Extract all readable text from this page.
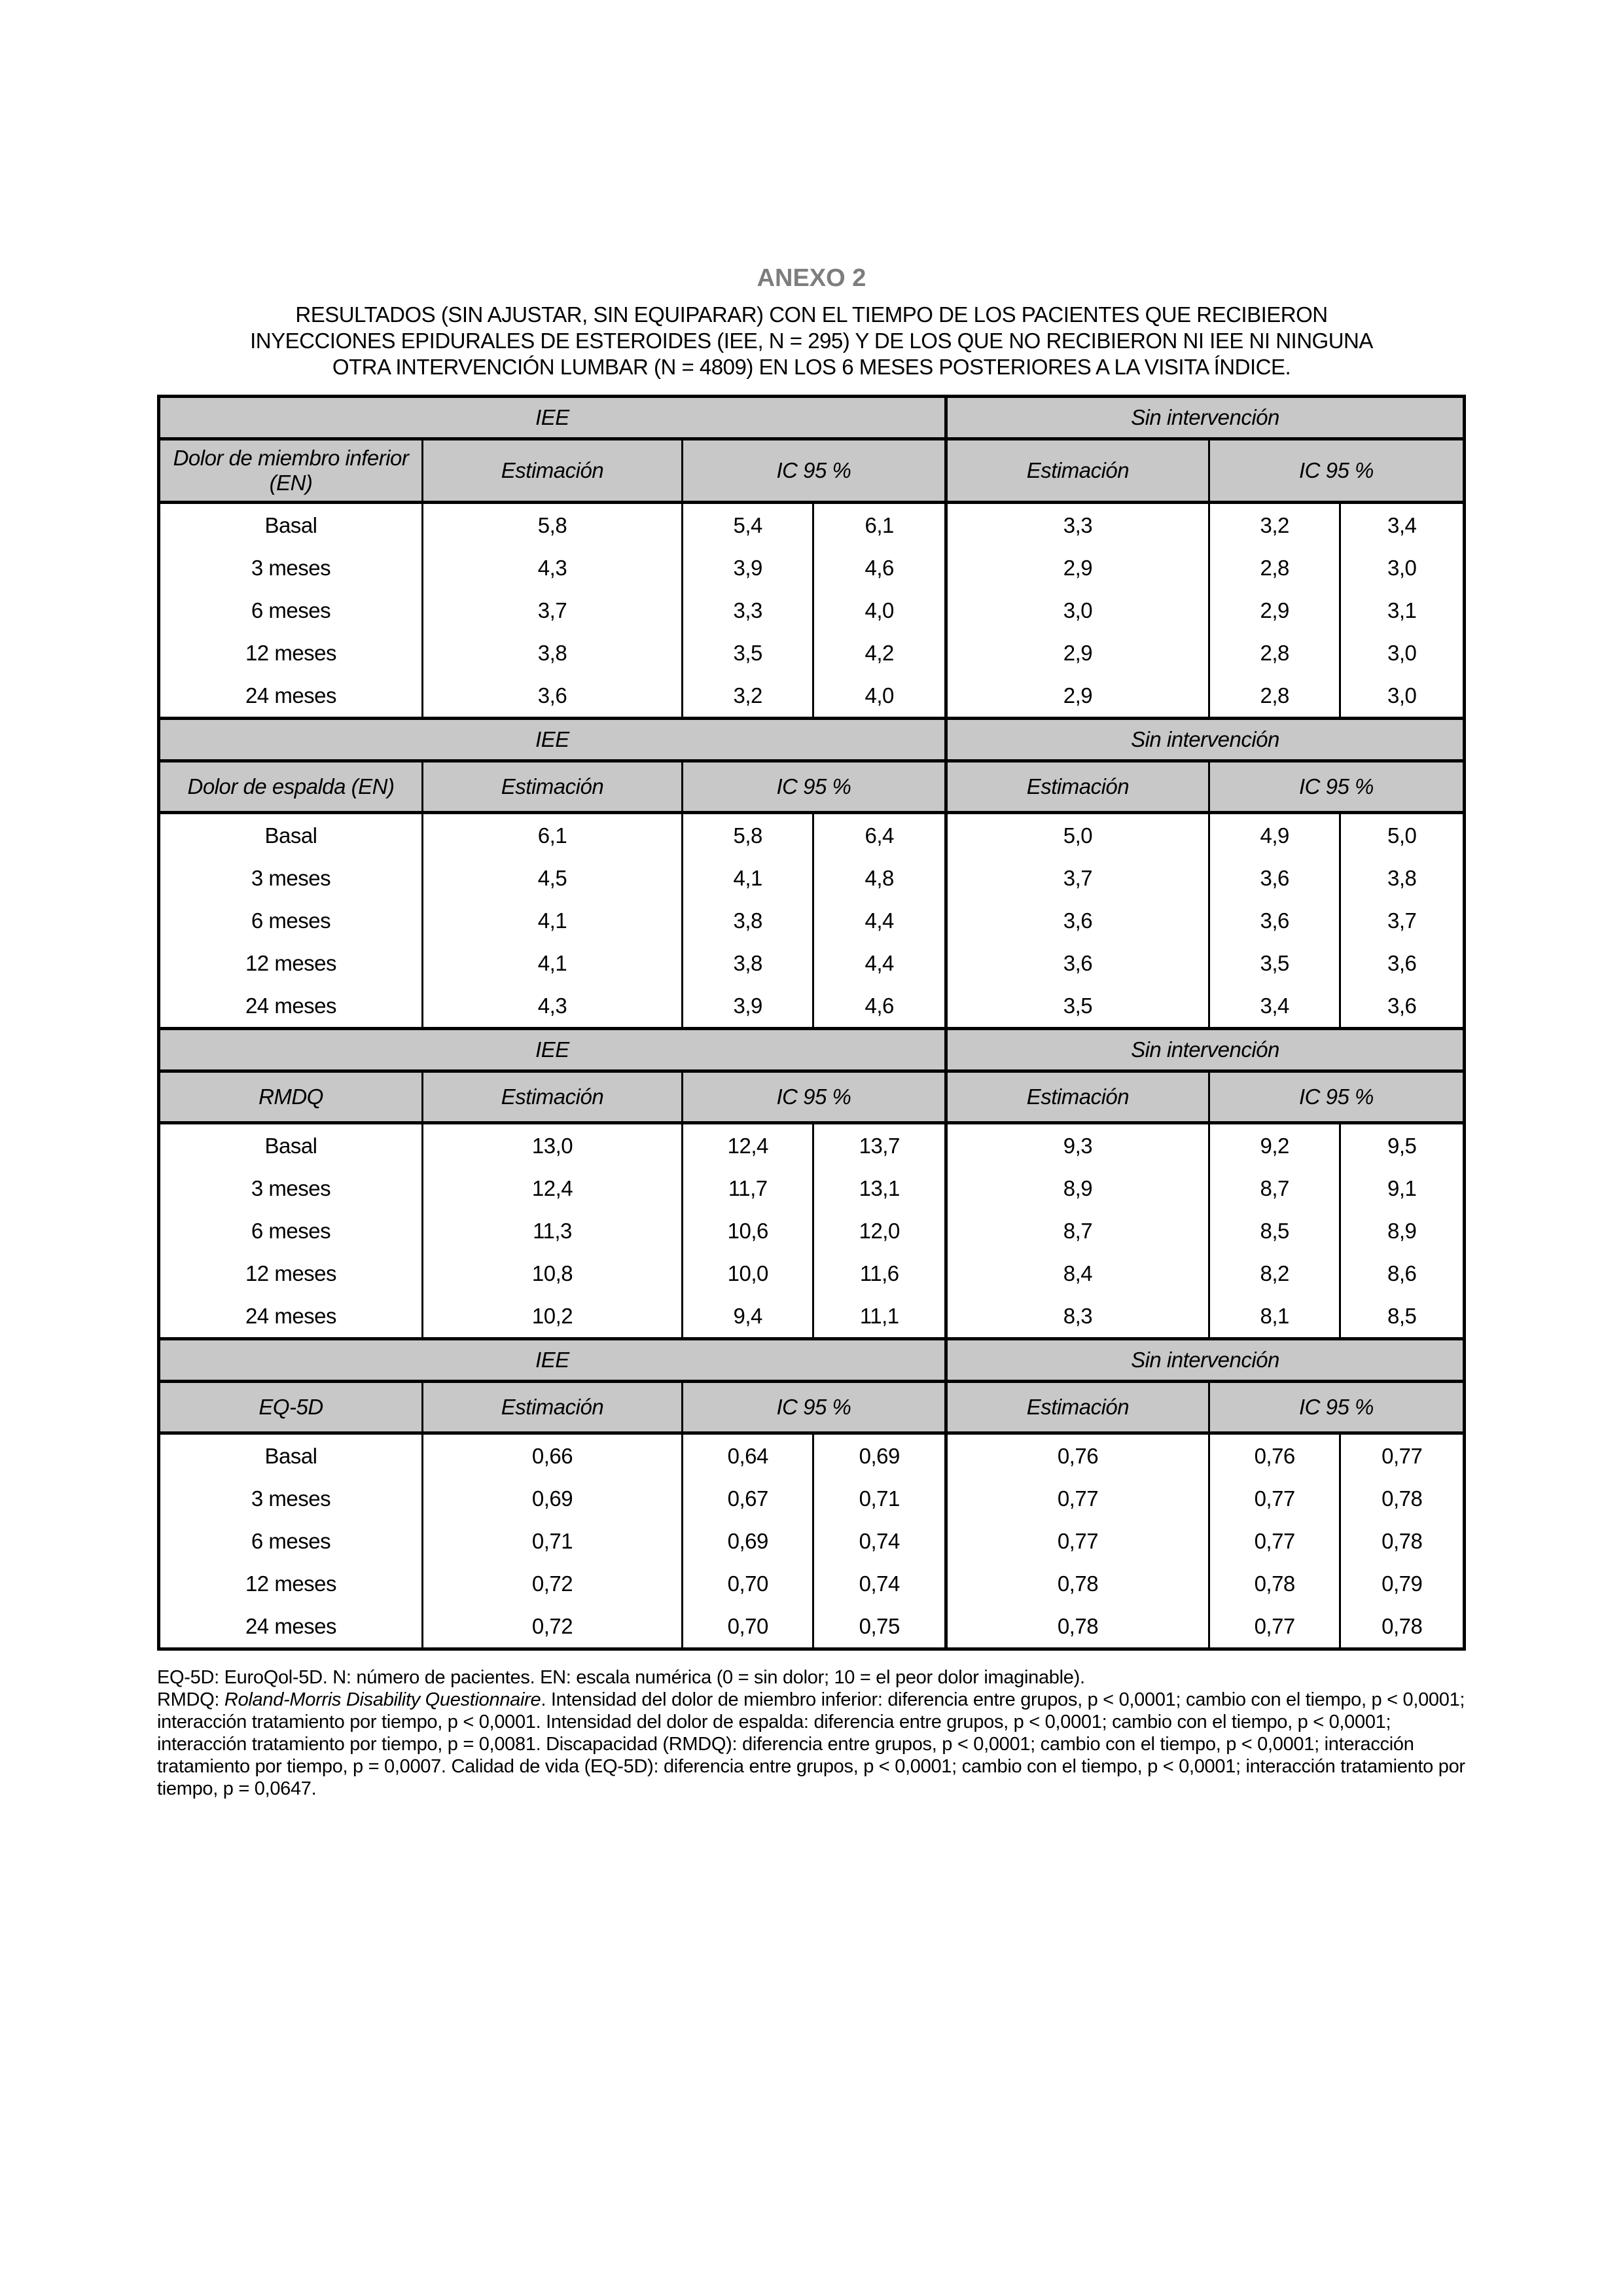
ANEXO 2
RESULTADOS (SIN AJUSTAR, SIN EQUIPARAR) CON EL TIEMPO DE LOS PACIENTES QUE RECIBIERON
INYECCIONES EPIDURALES DE ESTEROIDES (IEE, N = 295) Y DE LOS QUE NO RECIBIERON NI IEE NI NINGUNA
OTRA INTERVENCIÓN LUMBAR (N = 4809) EN LOS 6 MESES POSTERIORES A LA VISITA ÍNDICE.
IEE				Sin intervención		
Dolor de miembro inferior (EN)	Estimación	IC 95 %		Estimación	IC 95 %	
Basal	5,8	5,4	6,1	3,3	3,2	3,4
3 meses	4,3	3,9	4,6	2,9	2,8	3,0
6 meses	3,7	3,3	4,0	3,0	2,9	3,1
12 meses	3,8	3,5	4,2	2,9	2,8	3,0
24 meses	3,6	3,2	4,0	2,9	2,8	3,0
IEE				Sin intervención		
Dolor de espalda (EN)	Estimación	IC 95 %		Estimación	IC 95 %	
Basal	6,1	5,8	6,4	5,0	4,9	5,0
3 meses	4,5	4,1	4,8	3,7	3,6	3,8
6 meses	4,1	3,8	4,4	3,6	3,6	3,7
12 meses	4,1	3,8	4,4	3,6	3,5	3,6
24 meses	4,3	3,9	4,6	3,5	3,4	3,6
IEE				Sin intervención		
RMDQ	Estimación	IC 95 %		Estimación	IC 95 %	
Basal	13,0	12,4	13,7	9,3	9,2	9,5
3 meses	12,4	11,7	13,1	8,9	8,7	9,1
6 meses	11,3	10,6	12,0	8,7	8,5	8,9
12 meses	10,8	10,0	11,6	8,4	8,2	8,6
24 meses	10,2	9,4	11,1	8,3	8,1	8,5
IEE				Sin intervención		
EQ-5D	Estimación	IC 95 %		Estimación	IC 95 %	
Basal	0,66	0,64	0,69	0,76	0,76	0,77
3 meses	0,69	0,67	0,71	0,77	0,77	0,78
6 meses	0,71	0,69	0,74	0,77	0,77	0,78
12 meses	0,72	0,70	0,74	0,78	0,78	0,79
24 meses	0,72	0,70	0,75	0,78	0,77	0,78
EQ-5D: EuroQol-5D. N: número de pacientes. EN: escala numérica (0 = sin dolor; 10 = el peor dolor imaginable).
RMDQ: Roland-Morris Disability Questionnaire. Intensidad del dolor de miembro inferior: diferencia entre grupos, p < 0,0001; cambio con el tiempo, p < 0,0001; interacción tratamiento por tiempo, p < 0,0001. Intensidad del dolor de espalda: diferencia entre grupos, p < 0,0001; cambio con el tiempo, p < 0,0001; interacción tratamiento por tiempo, p = 0,0081. Discapacidad (RMDQ): diferencia entre grupos, p < 0,0001; cambio con el tiempo, p < 0,0001; interacción tratamiento por tiempo, p = 0,0007. Calidad de vida (EQ-5D): diferencia entre grupos, p < 0,0001; cambio con el tiempo, p < 0,0001; interacción tratamiento por tiempo, p = 0,0647.
